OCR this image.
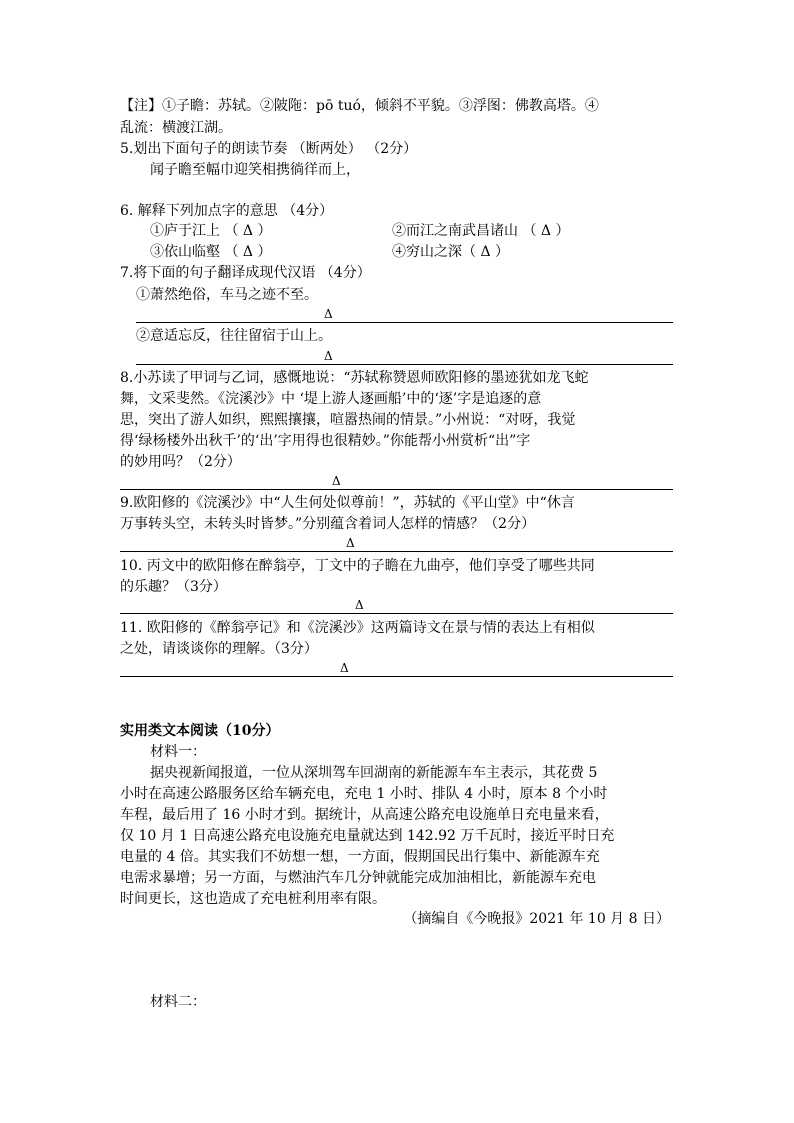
【注】①子瞻：苏轼。②陂陁：pō tuó，倾斜不平貌。③浮图：佛教高塔。④
乱流：横渡江湖。
5.划出下面句子的朗读节奏 （断两处） （2分）
闻子瞻至幅巾迎笑相携徜徉而上，
6. 解释下列加点字的意思 （4分）
①庐于江上 （ Δ ）	②而江之南武昌诸山 （ Δ ）
③依山临壑 （ Δ ）	④穷山之深（ Δ ）
7.将下面的句子翻译成现代汉语 （4分）
①萧然绝俗，车马之迹不至。
Δ
②意适忘反，往往留宿于山上。
Δ
8.小苏读了甲词与乙词，感慨地说：“苏轼称赞恩师欧阳修的墨迹犹如龙飞蛇
舞，文采斐然。《浣溪沙》中 ‘堤上游人逐画船’中的‘逐’字是追逐的意
思，突出了游人如织，熙熙攘攘，喧嚣热闹的情景。”小州说：“对呀，我觉
得‘绿杨楼外出秋千’的‘出’字用得也很精妙。”你能帮小州赏析“出”字
的妙用吗？（2分）
Δ
9.欧阳修的《浣溪沙》中“人生何处似尊前！”，苏轼的《平山堂》中“休言
万事转头空，未转头时皆梦。”分别蕴含着词人怎样的情感？（2分）
Δ
10. 丙文中的欧阳修在醉翁亭，丁文中的子瞻在九曲亭，他们享受了哪些共同
的乐趣？（3分）
Δ
11. 欧阳修的《醉翁亭记》和《浣溪沙》这两篇诗文在景与情的表达上有相似
之处，请谈谈你的理解。（3分）
Δ
实用类文本阅读（10分）
材料一：
据央视新闻报道，一位从深圳驾车回湖南的新能源车车主表示，其花费 5
小时在高速公路服务区给车辆充电，充电 1 小时、排队 4 小时，原本 8 个小时
车程，最后用了 16 小时才到。据统计，从高速公路充电设施单日充电量来看，
仅 10 月 1 日高速公路充电设施充电量就达到 142.92 万千瓦时，接近平时日充
电量的 4 倍。其实我们不妨想一想，一方面，假期国民出行集中、新能源车充
电需求暴增；另一方面，与燃油汽车几分钟就能完成加油相比，新能源车充电
时间更长，这也造成了充电桩利用率有限。
（摘编自《今晚报》2021 年 10 月 8 日）
材料二：
